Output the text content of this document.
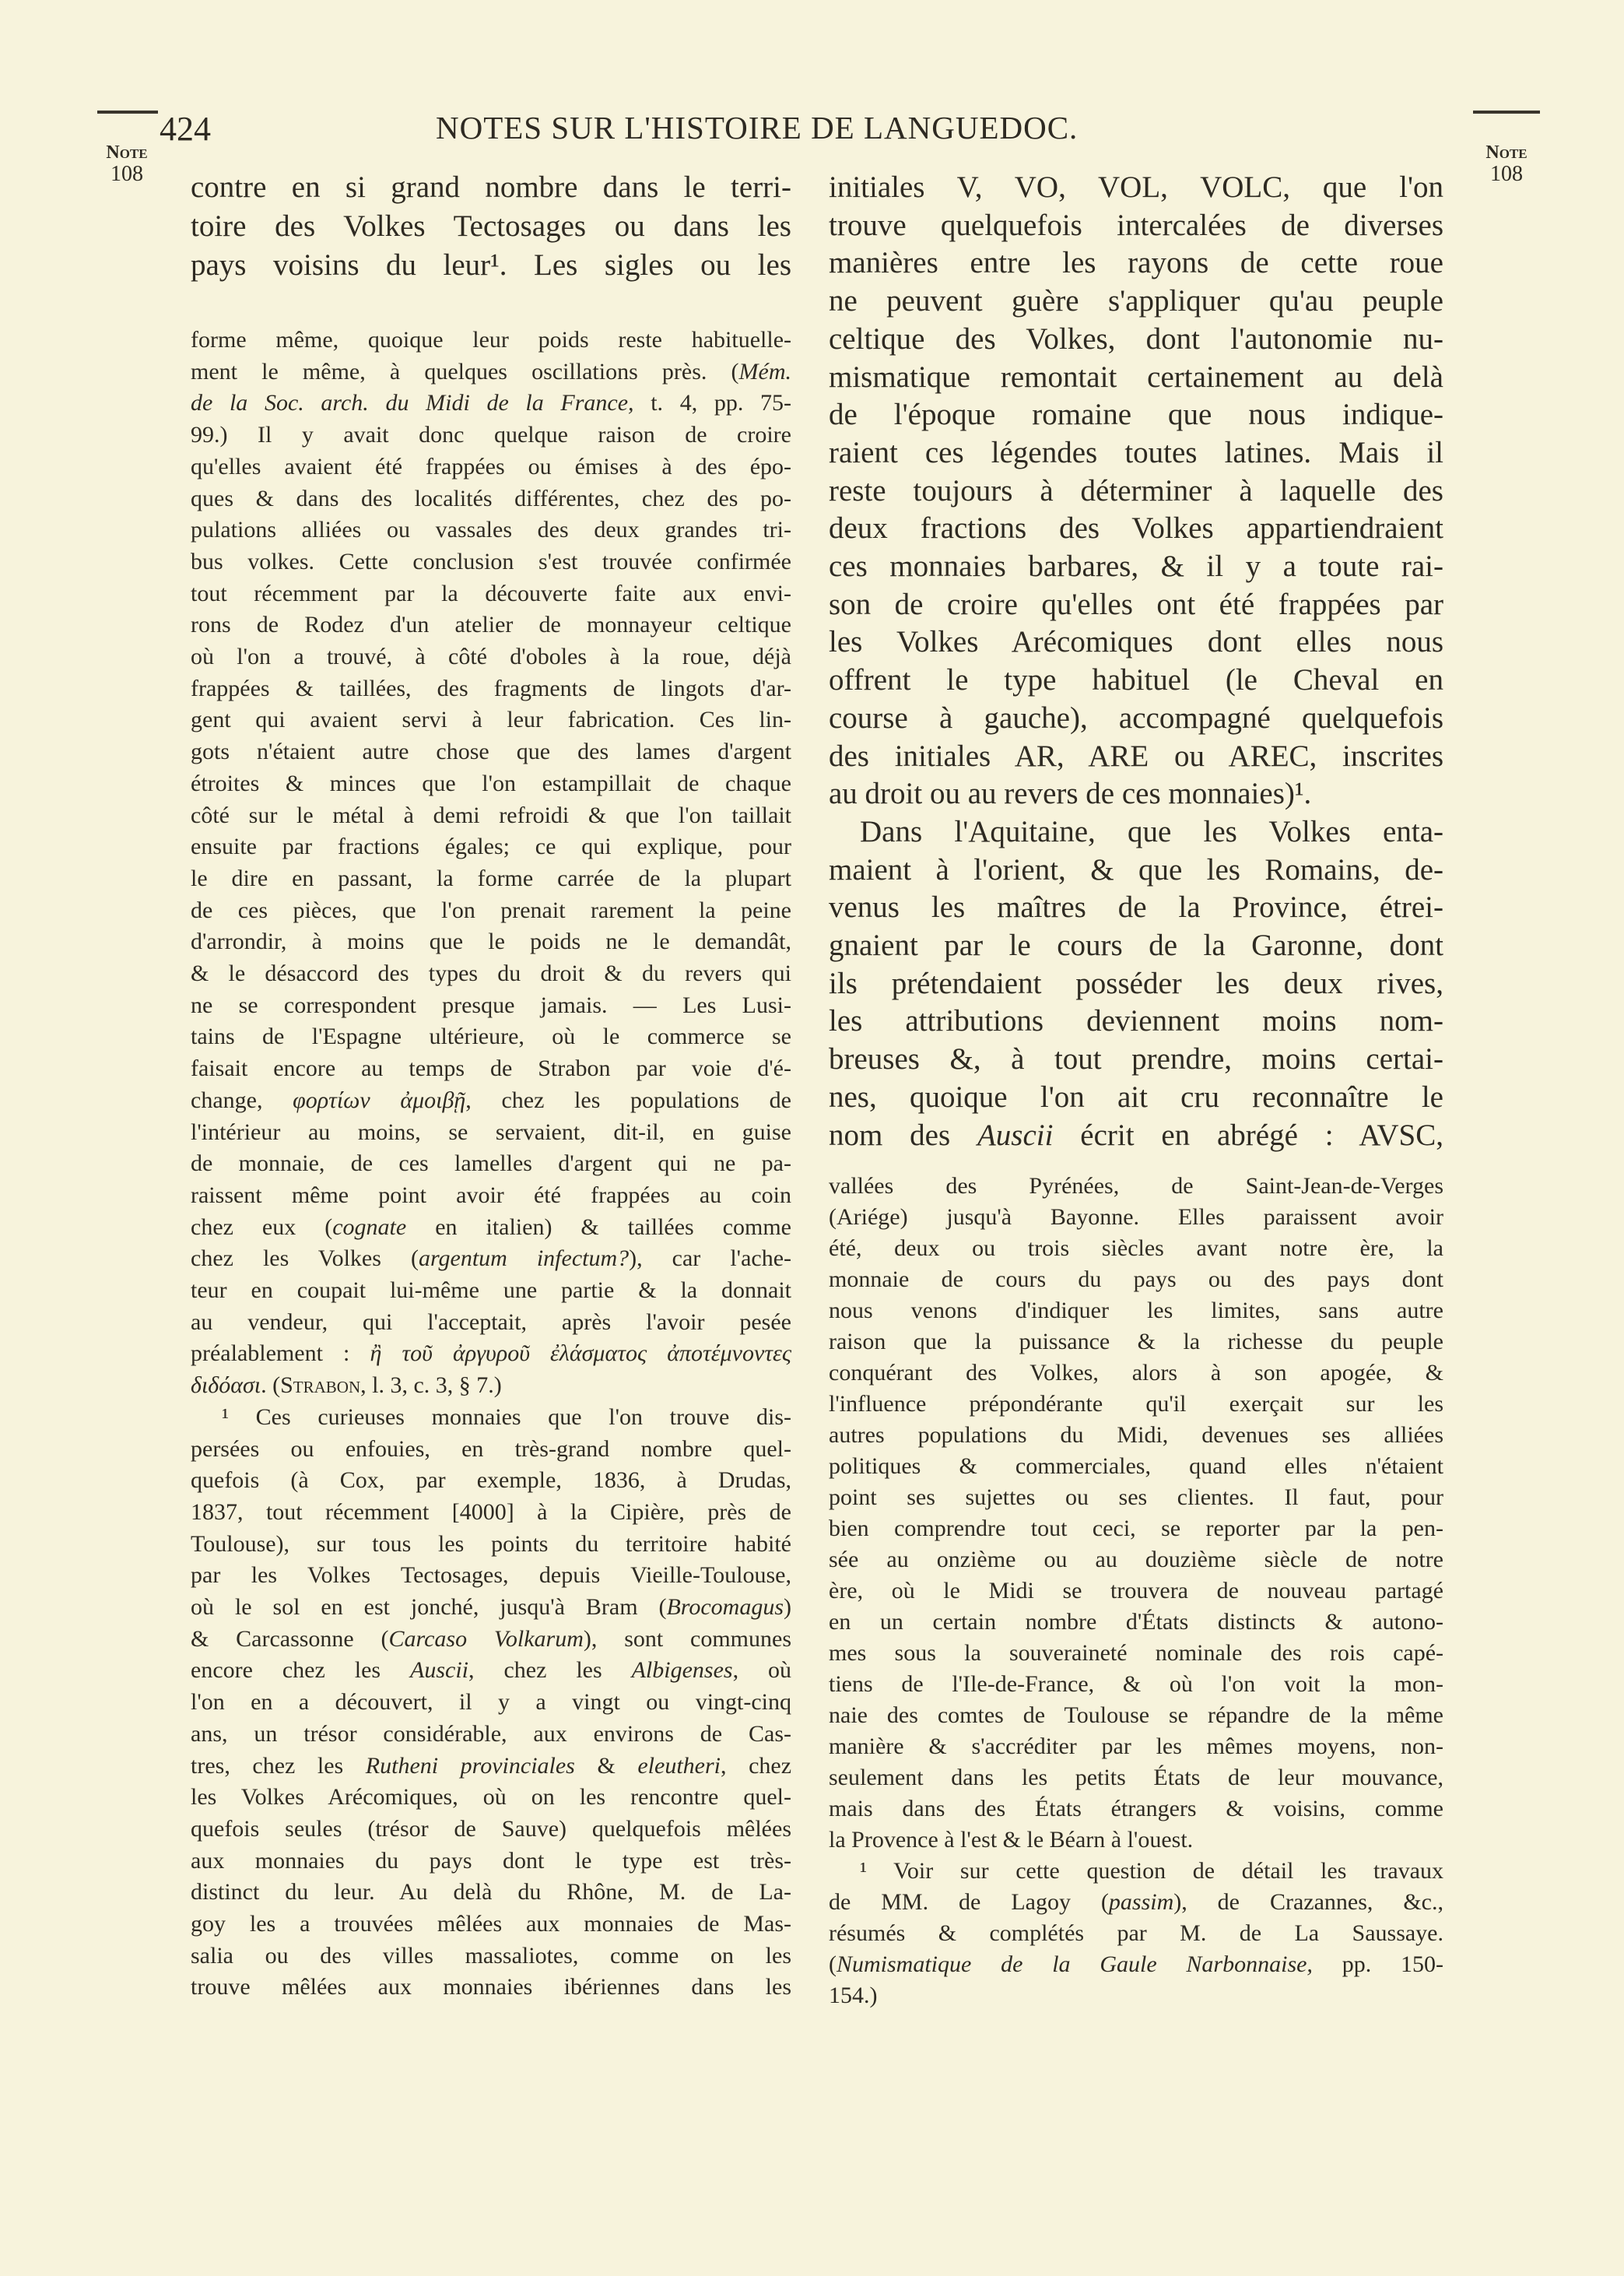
Note
108
424	NOTES SUR L'HISTOIRE DE LANGUEDOC.
Note
108
contre en si grand nombre dans le terri-
toire des Volkes Tectosages ou dans les
pays voisins du leur¹. Les sigles ou les
forme même, quoique leur poids reste habituelle-
ment le même, à quelques oscillations près. (Mém.
de la Soc. arch. du Midi de la France, t. 4, pp. 75-
99.) Il y avait donc quelque raison de croire
qu'elles avaient été frappées ou émises à des épo-
ques & dans des localités différentes, chez des po-
pulations alliées ou vassales des deux grandes tri-
bus volkes. Cette conclusion s'est trouvée confirmée
tout récemment par la découverte faite aux envi-
rons de Rodez d'un atelier de monnayeur celtique
où l'on a trouvé, à côté d'oboles à la roue, déjà
frappées & taillées, des fragments de lingots d'ar-
gent qui avaient servi à leur fabrication. Ces lin-
gots n'étaient autre chose que des lames d'argent
étroites & minces que l'on estampillait de chaque
côté sur le métal à demi refroidi & que l'on taillait
ensuite par fractions égales; ce qui explique, pour
le dire en passant, la forme carrée de la plupart
de ces pièces, que l'on prenait rarement la peine
d'arrondir, à moins que le poids ne le demandât,
& le désaccord des types du droit & du revers qui
ne se correspondent presque jamais. — Les Lusi-
tains de l'Espagne ultérieure, où le commerce se
faisait encore au temps de Strabon par voie d'é-
change, φορτίων ἀμοιβῇ, chez les populations de
l'intérieur au moins, se servaient, dit-il, en guise
de monnaie, de ces lamelles d'argent qui ne pa-
raissent même point avoir été frappées au coin
chez eux (cognate en italien) & taillées comme
chez les Volkes (argentum infectum?), car l'ache-
teur en coupait lui-même une partie & la donnait
au vendeur, qui l'acceptait, après l'avoir pesée
préalablement : ἢ τοῦ ἀργυροῦ ἐλάσματος ἀποτέμνοντες
διδόασι. (Strabon, l. 3, c. 3, § 7.)
¹ Ces curieuses monnaies que l'on trouve dis-
persées ou enfouies, en très-grand nombre quel-
quefois (à Cox, par exemple, 1836, à Drudas,
1837, tout récemment [4000] à la Cipière, près de
Toulouse), sur tous les points du territoire habité
par les Volkes Tectosages, depuis Vieille-Toulouse,
où le sol en est jonché, jusqu'à Bram (Brocomagus)
& Carcassonne (Carcaso Volkarum), sont communes
encore chez les Auscii, chez les Albigenses, où
l'on en a découvert, il y a vingt ou vingt-cinq
ans, un trésor considérable, aux environs de Cas-
tres, chez les Rutheni provinciales & eleutheri, chez
les Volkes Arécomiques, où on les rencontre quel-
quefois seules (trésor de Sauve) quelquefois mêlées
aux monnaies du pays dont le type est très-
distinct du leur. Au delà du Rhône, M. de La-
goy les a trouvées mêlées aux monnaies de Mas-
salia ou des villes massaliotes, comme on les
trouve mêlées aux monnaies ibériennes dans les
initiales V, VO, VOL, VOLC, que l'on
trouve quelquefois intercalées de diverses
manières entre les rayons de cette roue
ne peuvent guère s'appliquer qu'au peuple
celtique des Volkes, dont l'autonomie nu-
mismatique remontait certainement au delà
de l'époque romaine que nous indique-
raient ces légendes toutes latines. Mais il
reste toujours à déterminer à laquelle des
deux fractions des Volkes appartiendraient
ces monnaies barbares, & il y a toute rai-
son de croire qu'elles ont été frappées par
les Volkes Arécomiques dont elles nous
offrent le type habituel (le Cheval en
course à gauche), accompagné quelquefois
des initiales AR, ARE ou AREC, inscrites
au droit ou au revers de ces monnaies)¹.
Dans l'Aquitaine, que les Volkes enta-
maient à l'orient, & que les Romains, de-
venus les maîtres de la Province, étrei-
gnaient par le cours de la Garonne, dont
ils prétendaient posséder les deux rives,
les attributions deviennent moins nom-
breuses &, à tout prendre, moins certai-
nes, quoique l'on ait cru reconnaître le
nom des Auscii écrit en abrégé : AVSC,
vallées des Pyrénées, de Saint-Jean-de-Verges
(Ariége) jusqu'à Bayonne. Elles paraissent avoir
été, deux ou trois siècles avant notre ère, la
monnaie de cours du pays ou des pays dont
nous venons d'indiquer les limites, sans autre
raison que la puissance & la richesse du peuple
conquérant des Volkes, alors à son apogée, &
l'influence prépondérante qu'il exerçait sur les
autres populations du Midi, devenues ses alliées
politiques & commerciales, quand elles n'étaient
point ses sujettes ou ses clientes. Il faut, pour
bien comprendre tout ceci, se reporter par la pen-
sée au onzième ou au douzième siècle de notre
ère, où le Midi se trouvera de nouveau partagé
en un certain nombre d'États distincts & autono-
mes sous la souveraineté nominale des rois capé-
tiens de l'Ile-de-France, & où l'on voit la mon-
naie des comtes de Toulouse se répandre de la même
manière & s'accréditer par les mêmes moyens, non-
seulement dans les petits États de leur mouvance,
mais dans des États étrangers & voisins, comme
la Provence à l'est & le Béarn à l'ouest.
¹ Voir sur cette question de détail les travaux
de MM. de Lagoy (passim), de Crazannes, &c.,
résumés & complétés par M. de La Saussaye.
(Numismatique de la Gaule Narbonnaise, pp. 150-
154.)
